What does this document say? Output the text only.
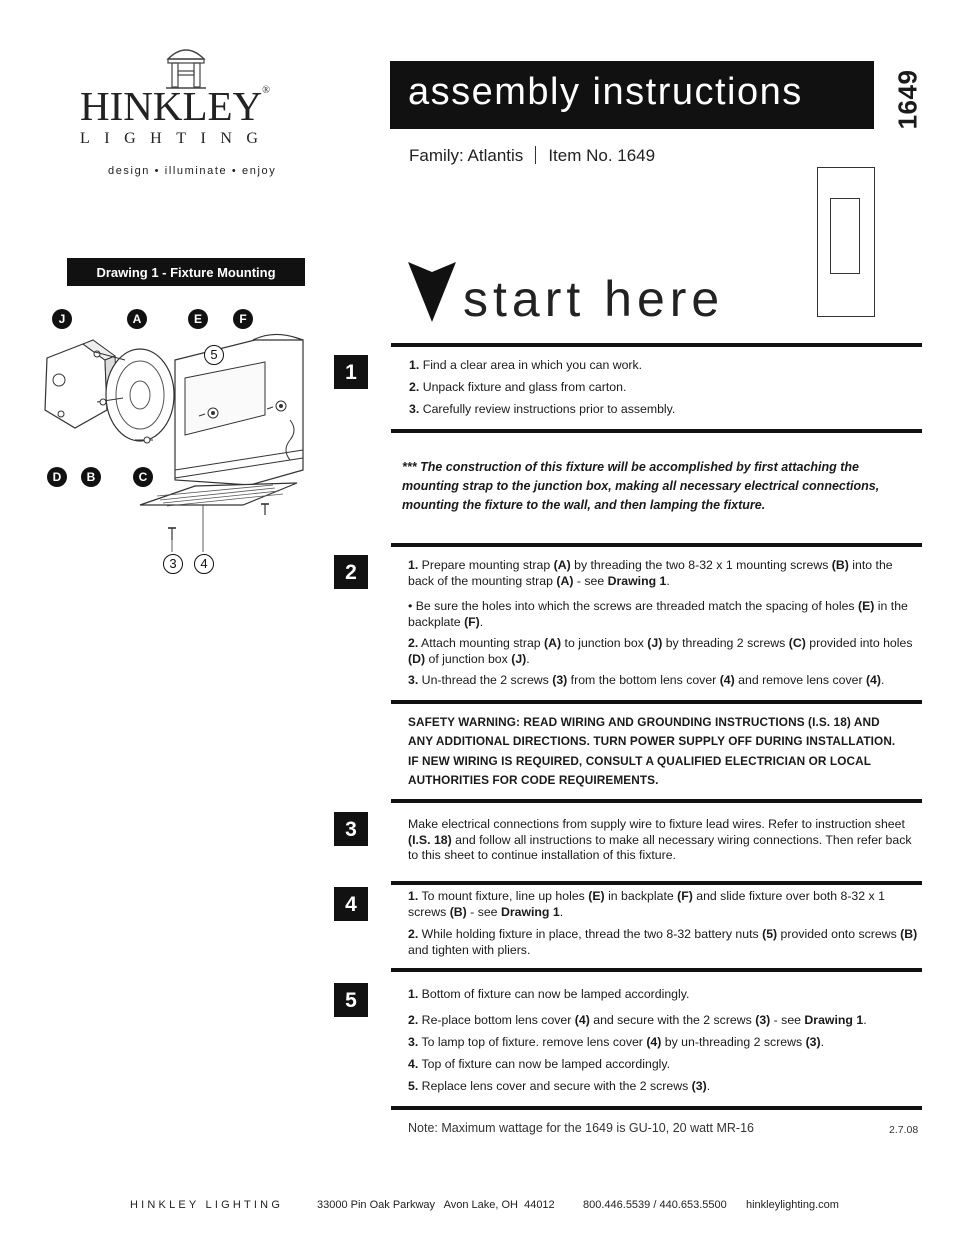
HINKLEY®
LIGHTING
design • illuminate • enjoy
assembly instructions	1649
Family: Atlantis Item No. 1649
start here
Drawing 1 - Fixture Mounting
J	A	E	F
D	B	C
5
3	4
1	1. Find a clear area in which you can work.

2. Unpack fixture and glass from carton.

3. Carefully review instructions prior to assembly.

*** The construction of this fixture will be accomplished by first attaching the mounting strap to the junction box, making all necessary electrical connections, mounting the fixture to the wall, and then lamping the fixture.
2	1. Prepare mounting strap (A) by threading the two 8-32 x 1 mounting screws (B) into the back of the mounting strap (A) - see Drawing 1.

• Be sure the holes into which the screws are threaded match the spacing of holes (E) in the backplate (F).

2. Attach mounting strap (A) to junction box (J) by threading 2 screws (C) provided into holes (D) of junction box (J).

3. Un-thread the 2 screws (3) from the bottom lens cover (4) and remove lens cover (4).

SAFETY WARNING: READ WIRING AND GROUNDING INSTRUCTIONS (I.S. 18) AND ANY ADDITIONAL DIRECTIONS. TURN POWER SUPPLY OFF DURING INSTALLATION. IF NEW WIRING IS REQUIRED, CONSULT A QUALIFIED ELECTRICIAN OR LOCAL AUTHORITIES FOR CODE REQUIREMENTS.
3	Make electrical connections from supply wire to fixture lead wires. Refer to instruction sheet (I.S. 18) and follow all instructions to make all necessary wiring connections. Then refer back to this sheet to continue installation of this fixture.

4	1. To mount fixture, line up holes (E) in backplate (F) and slide fixture over both 8-32 x 1 screws (B) - see Drawing 1.

2. While holding fixture in place, thread the two 8-32 battery nuts (5) provided onto screws (B) and tighten with pliers.

5	1. Bottom of fixture can now be lamped accordingly.

2. Re-place bottom lens cover (4) and secure with the 2 screws (3) - see Drawing 1.

3. To lamp top of fixture. remove lens cover (4) by un-threading 2 screws (3).

4. Top of fixture can now be lamped accordingly.

5. Replace lens cover and secure with the 2 screws (3).

Note: Maximum wattage for the 1649 is GU-10, 20 watt MR-16	2.7.08
HINKLEY LIGHTING	33000 Pin Oak Parkway   Avon Lake, OH  44012	800.446.5539 / 440.653.5500 hinkleylighting.com
